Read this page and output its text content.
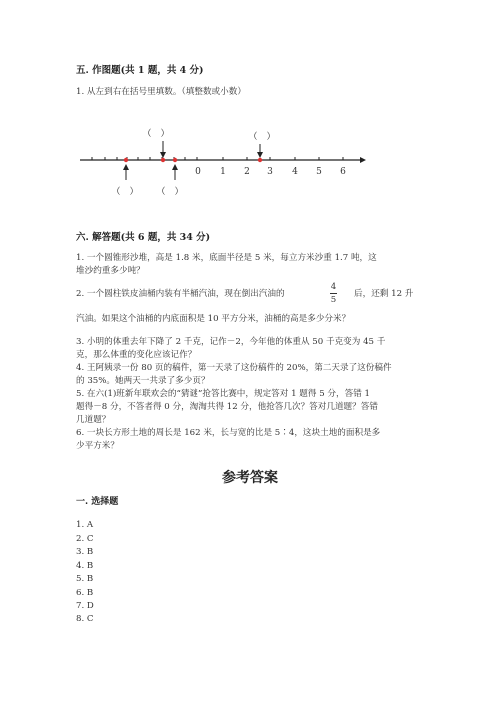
五. 作图题(共 1 题，共 4 分)
1. 从左到右在括号里填数。（填整数或小数）
（　）	（　）
0 1 2 3 4 5 6
（　） （　）
六. 解答题(共 6 题，共 34 分)
1. 一个圆锥形沙堆，高是 1.8 米，底面半径是 5 米，每立方米沙重 1.7 吨，这
堆沙约重多少吨？
2. 一个圆柱铁皮油桶内装有半桶汽油，现在倒出汽油的
4
5
后，还剩 12 升
汽油。如果这个油桶的内底面积是 10 平方分米，油桶的高是多少分米？
3. 小明的体重去年下降了 2 千克，记作－2，今年他的体重从 50 千克变为 45 千
克，那么体重的变化应该记作？
4. 王阿姨录一份 80 页的稿件，第一天录了这份稿件的 20%，第二天录了这份稿件
的 35%。她两天一共录了多少页？
5. 在六(1)班新年联欢会的“猜谜”抢答比赛中，规定答对 1 题得 5 分，答错 1
题得－8 分，不答者得 0 分，淘淘共得 12 分，他抢答几次？答对几道题？答错
几道题？
6. 一块长方形土地的周长是 162 米，长与宽的比是 5∶4，这块土地的面积是多
少平方米？
参考答案
一. 选择题
1. A
2. C
3. B
4. B
5. B
6. B
7. D
8. C
